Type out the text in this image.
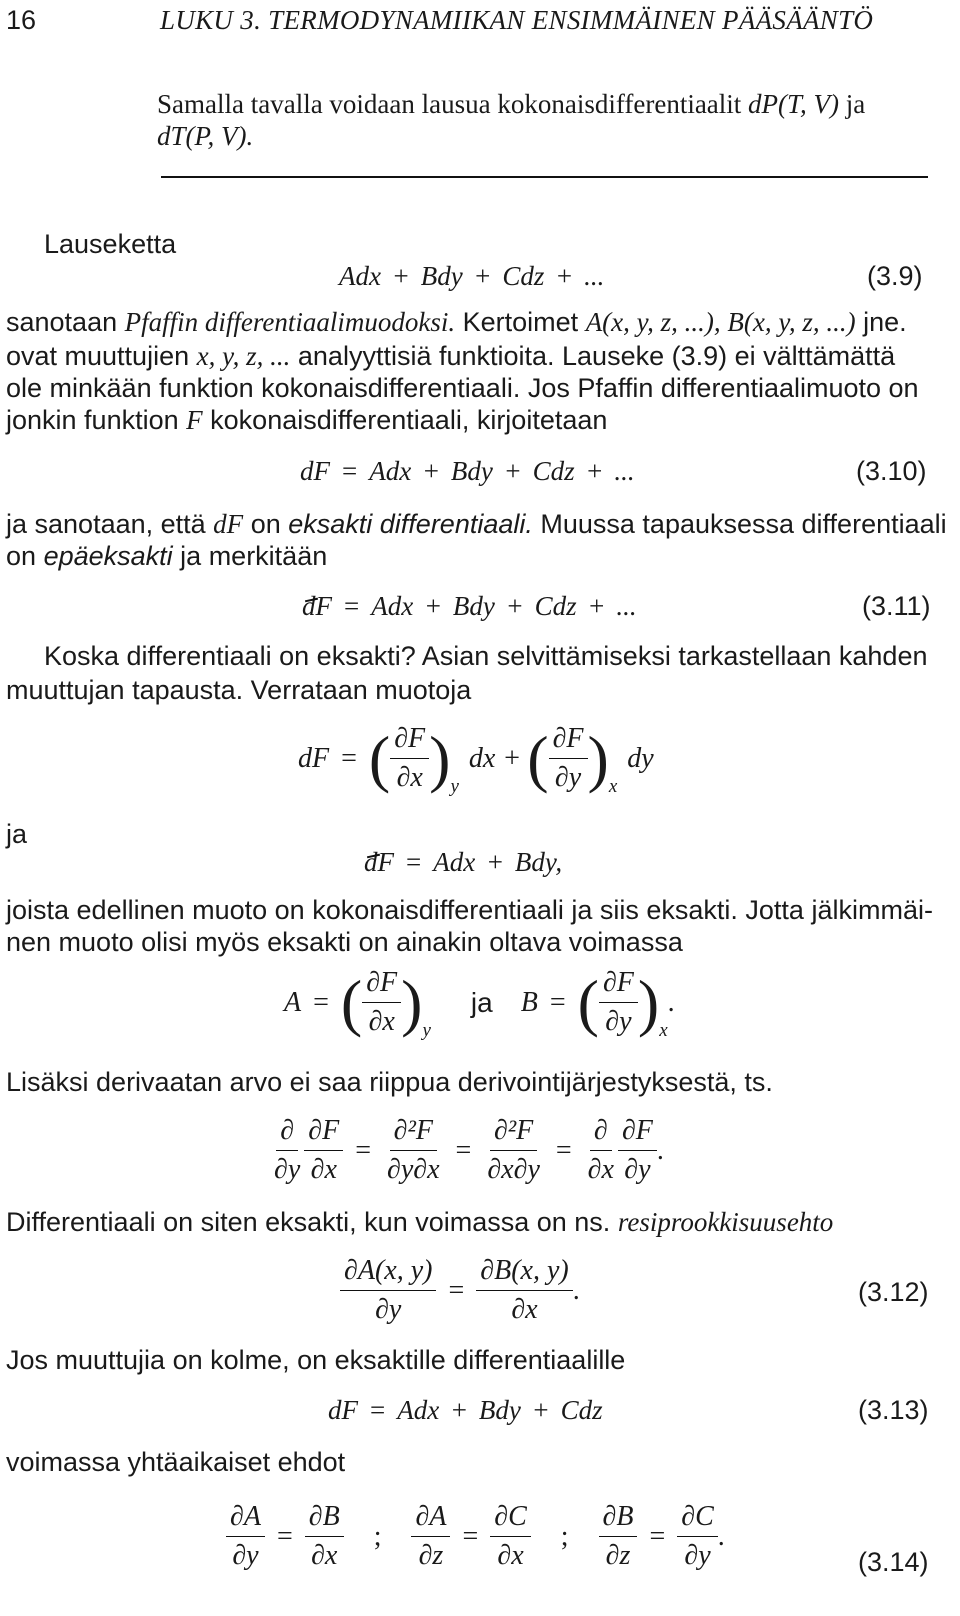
16	LUKU 3. TERMODYNAMIIKAN ENSIMMÄINEN PÄÄSÄÄNTÖ
Samalla tavalla voidaan lausua kokonaisdifferentiaalit dP(T, V) ja
dT(P, V).
Lauseketta
Adx + Bdy + Cdz + ...	(3.9)
sanotaan Pfaffin differentiaalimuodoksi. Kertoimet A(x, y, z, ...), B(x, y, z, ...) jne.
ovat muuttujien x, y, z, ... analyyttisiä funktioita. Lauseke (3.9) ei välttämättä
ole minkään funktion kokonaisdifferentiaali. Jos Pfaffin differentiaalimuoto on
jonkin funktion F kokonaisdifferentiaali, kirjoitetaan
dF = Adx + Bdy + Cdz + ...	(3.10)
ja sanotaan, että dF on eksakti differentiaali. Muussa tapauksessa differentiaali
on epäeksakti ja merkitään
dF = Adx + Bdy + Cdz + ...	(3.11)
Koska differentiaali on eksakti? Asian selvittämiseksi tarkastellaan kahden
muuttujan tapausta. Verrataan muotoja
dF = ( $\frac{\partial F}{\partial x}$ ) y
dx + ( $\frac{\partial F}{\partial y}$ ) x
dy
ja
dF = Adx + Bdy,
joista edellinen muoto on kokonaisdifferentiaali ja siis eksakti. Jotta jälkimmäi-
nen muoto olisi myös eksakti on ainakin oltava voimassa
A = ( $\frac{\partial F}{\partial x}$ ) y
ja B = ( $\frac{\partial F}{\partial y}$ ) x
.
Lisäksi derivaatan arvo ei saa riippua derivointijärjestyksestä, ts.
$\frac{\partial}{\partial y} \frac{\partial F}{\partial x} = \frac{\text{∂²F}}{\partial y\partial x} = \frac{\text{∂²F}}{\partial x\partial y} = \frac{\partial}{\partial x} \frac{\partial F}{\partial y}$ .
Differentiaali on siten eksakti, kun voimassa on ns. resiprookkisuusehto
$\frac{\partial A(x, y)}{\partial y} = \frac{\partial B(x, y)}{\partial x}$ .	(3.12)
Jos muuttujia on kolme, on eksaktille differentiaalille
dF = Adx + Bdy + Cdz	(3.13)
voimassa yhtäaikaiset ehdot
$\frac{\partial A}{\partial y} = \frac{\partial B}{\partial x}$ ; $\frac{\partial A}{\partial z} = \frac{\partial C}{\partial x}$ ; $\frac{\partial B}{\partial z} = \frac{\partial C}{\partial y}$ .
(3.14)
